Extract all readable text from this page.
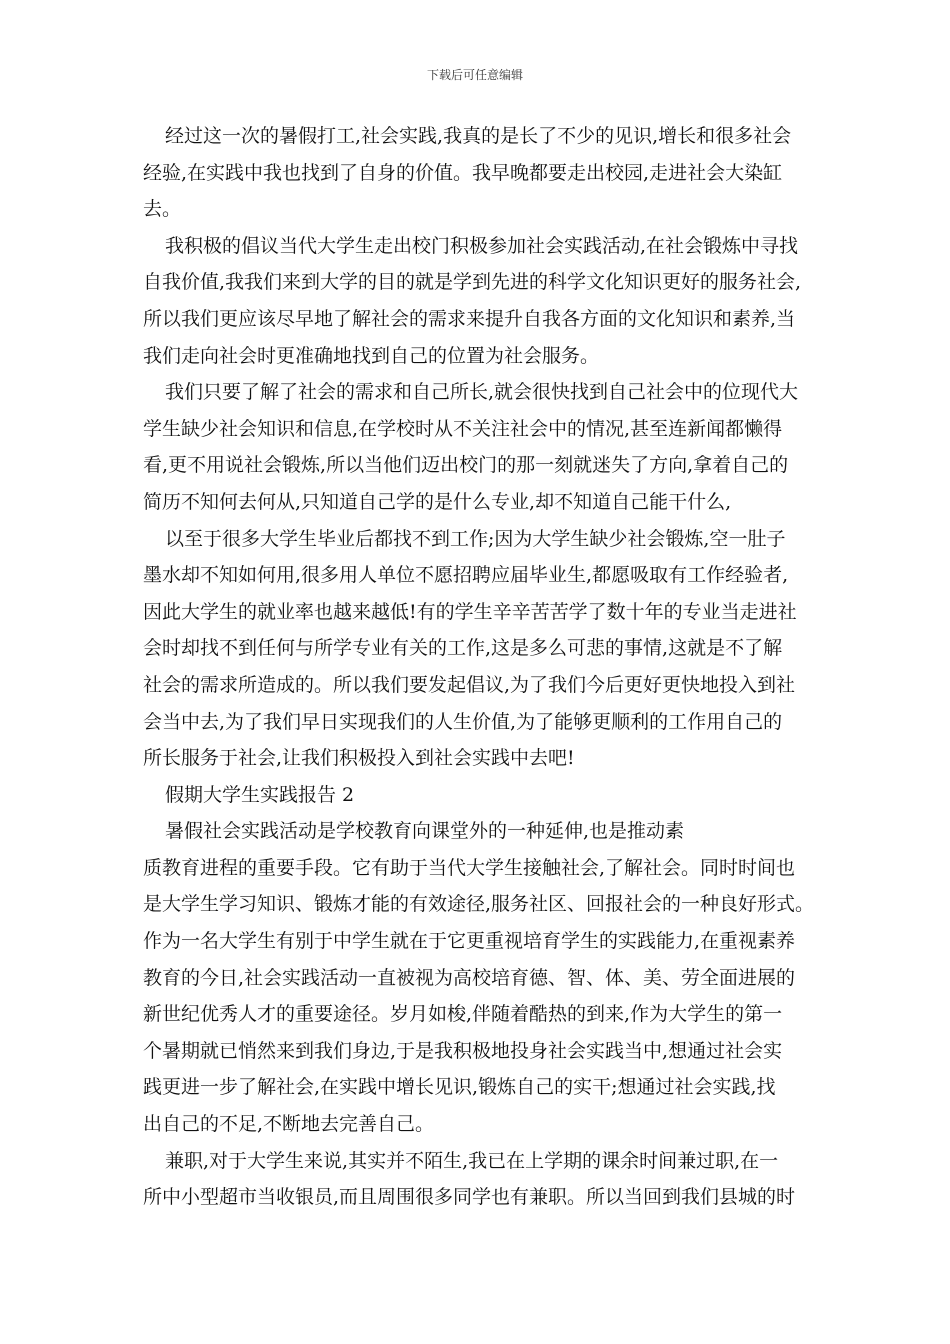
下载后可任意编辑
经过这一次的暑假打工,社会实践,我真的是长了不少的见识,增长和很多社会
经验,在实践中我也找到了自身的价值。我早晚都要走出校园,走进社会大染缸
去。
我积极的倡议当代大学生走出校门积极参加社会实践活动,在社会锻炼中寻找
自我价值,我我们来到大学的目的就是学到先进的科学文化知识更好的服务社会,
所以我们更应该尽早地了解社会的需求来提升自我各方面的文化知识和素养,当
我们走向社会时更准确地找到自己的位置为社会服务。
我们只要了解了社会的需求和自己所长,就会很快找到自己社会中的位现代大
学生缺少社会知识和信息,在学校时从不关注社会中的情况,甚至连新闻都懒得
看,更不用说社会锻炼,所以当他们迈出校门的那一刻就迷失了方向,拿着自己的
简历不知何去何从,只知道自己学的是什么专业,却不知道自己能干什么,
以至于很多大学生毕业后都找不到工作;因为大学生缺少社会锻炼,空一肚子
墨水却不知如何用,很多用人单位不愿招聘应届毕业生,都愿吸取有工作经验者,
因此大学生的就业率也越来越低!有的学生辛辛苦苦学了数十年的专业当走进社
会时却找不到任何与所学专业有关的工作,这是多么可悲的事情,这就是不了解
社会的需求所造成的。所以我们要发起倡议,为了我们今后更好更快地投入到社
会当中去,为了我们早日实现我们的人生价值,为了能够更顺利的工作用自己的
所长服务于社会,让我们积极投入到社会实践中去吧!
假期大学生实践报告 2
暑假社会实践活动是学校教育向课堂外的一种延伸,也是推动素
质教育进程的重要手段。它有助于当代大学生接触社会,了解社会。同时时间也
是大学生学习知识、锻炼才能的有效途径,服务社区、回报社会的一种良好形式。
作为一名大学生有别于中学生就在于它更重视培育学生的实践能力,在重视素养
教育的今日,社会实践活动一直被视为高校培育德、智、体、美、劳全面进展的
新世纪优秀人才的重要途径。岁月如梭,伴随着酷热的到来,作为大学生的第一
个暑期就已悄然来到我们身边,于是我积极地投身社会实践当中,想通过社会实
践更进一步了解社会,在实践中增长见识,锻炼自己的实干;想通过社会实践,找
出自己的不足,不断地去完善自己。
兼职,对于大学生来说,其实并不陌生,我已在上学期的课余时间兼过职,在一
所中小型超市当收银员,而且周围很多同学也有兼职。所以当回到我们县城的时
